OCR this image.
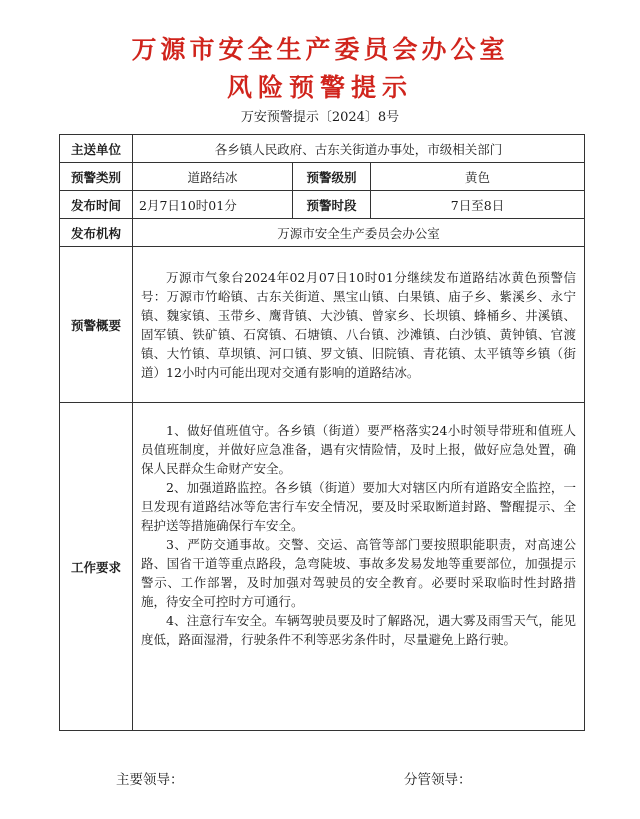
万源市安全生产委员会办公室
风险预警提示
万安预警提示〔2024〕8号
主送单位	各乡镇人民政府、古东关街道办事处，市级相关部门		
预警类别	道路结冰	预警级别	黄色
发布时间	2月7日10时01分	预警时段	7日至8日
发布机构	万源市安全生产委员会办公室		
预警概要	万源市气象台2024年02月07日10时01分继续发布道路结冰黄色预警信号：万源市竹峪镇、古东关街道、黑宝山镇、白果镇、庙子乡、紫溪乡、永宁镇、魏家镇、玉带乡、鹰背镇、大沙镇、曾家乡、长坝镇、蜂桶乡、井溪镇、固军镇、铁矿镇、石窝镇、石塘镇、八台镇、沙滩镇、白沙镇、黄钟镇、官渡镇、大竹镇、草坝镇、河口镇、罗文镇、旧院镇、青花镇、太平镇等乡镇（街道）12小时内可能出现对交通有影响的道路结冰。		

工作要求	1、做好值班值守。各乡镇（街道）要严格落实24小时领导带班和值班人员值班制度，并做好应急准备，遇有灾情险情，及时上报，做好应急处置，确保人民群众生命财产安全。

2、加强道路监控。各乡镇（街道）要加大对辖区内所有道路安全监控，一旦发现有道路结冰等危害行车安全情况，要及时采取断道封路、警醒提示、全程护送等措施确保行车安全。

3、严防交通事故。交警、交运、高管等部门要按照职能职责，对高速公路、国省干道等重点路段，急弯陡坡、事故多发易发地等重要部位，加强提示警示、工作部署，及时加强对驾驶员的安全教育。必要时采取临时性封路措施，待安全可控时方可通行。

4、注意行车安全。车辆驾驶员要及时了解路况，遇大雾及雨雪天气，能见度低，路面湿滑，行驶条件不利等恶劣条件时，尽量避免上路行驶。		

主要领导：	分管领导：
